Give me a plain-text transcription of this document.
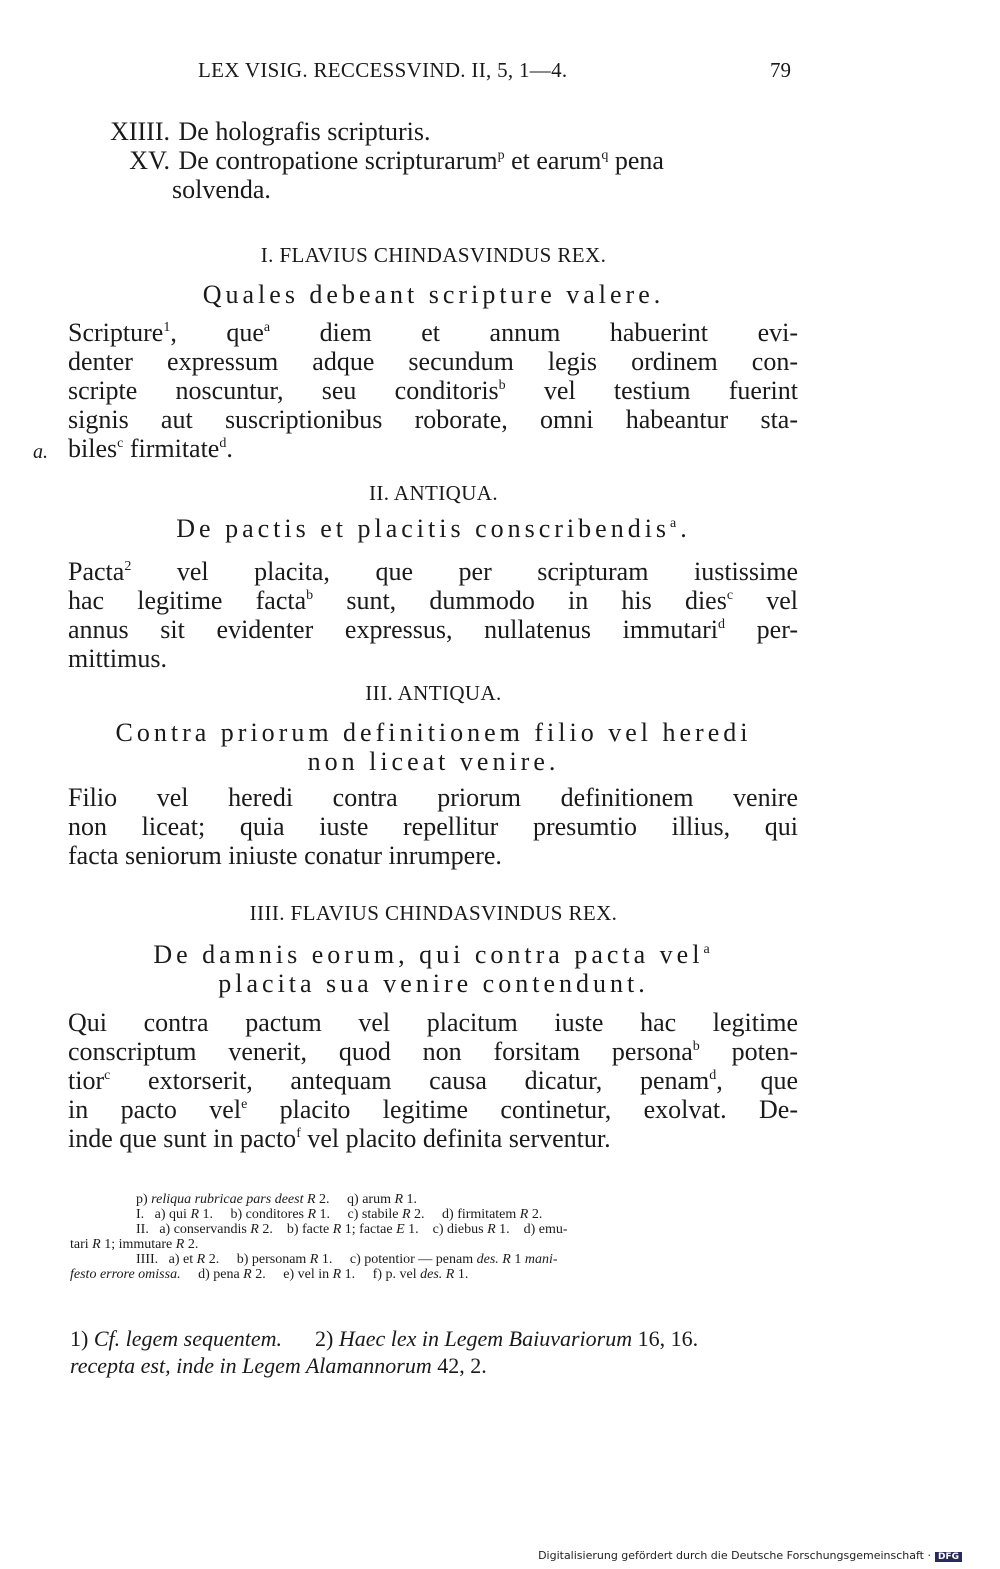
LEX VISIG. RECCESSVIND. II, 5, 1—4.	79
XIIII. De holografis scripturis.
XV. De contropatione scripturarum$^p$ et earum$^q$ pena
solvenda.
I. FLAVIUS CHINDASVINDUS REX.
Quales debeant scripture valere.
Scripture$^1$, que$^a$ diem et annum habuerint evi-
denter expressum adque secundum legis ordinem con-
scripte noscuntur, seu conditoris$^b$ vel testium fuerint
signis aut suscriptionibus roborate, omni habeantur sta-
biles$^c$ firmitate$^d$.
a.
II. ANTIQUA.
De pactis et placitis conscribendis$^a$.
Pacta$^2$ vel placita, que per scripturam iustissime
hac legitime facta$^b$ sunt, dummodo in his dies$^c$ vel
annus sit evidenter expressus, nullatenus immutari$^d$ per-
mittimus.
III. ANTIQUA.
Contra priorum definitionem filio vel heredi
non liceat venire.
Filio vel heredi contra priorum definitionem venire
non liceat; quia iuste repellitur presumtio illius, qui
facta seniorum iniuste conatur inrumpere.
IIII. FLAVIUS CHINDASVINDUS REX.
De damnis eorum, qui contra pacta vel$^a$
placita sua venire contendunt.
Qui contra pactum vel placitum iuste hac legitime
conscriptum venerit, quod non forsitam persona$^b$ poten-
tior$^c$ extorserit, antequam causa dicatur, penam$^d$, que
in pacto vel$^e$ placito legitime continetur, exolvat. De-
inde que sunt in pacto$^f$ vel placito definita serventur.
p) reliqua rubricae pars deest R 2.     q) arum R 1.
I.   a) qui R 1.     b) conditores R 1.     c) stabile R 2.     d) firmitatem R 2.
II.   a) conservandis R 2.    b) facte R 1; factae E 1.    c) diebus R 1.    d) emu-
tari R 1; immutare R 2.
IIII.   a) et R 2.     b) personam R 1.     c) potentior — penam des. R 1 mani-
festo errore omissa.     d) pena R 2.     e) vel in R 1.     f) p. vel des. R 1.
1) Cf. legem sequentem.      2) Haec lex in Legem Baiuvariorum 16, 16.
recepta est, inde in Legem Alamannorum 42, 2.
Digitalisierung gefördert durch die Deutsche Forschungsgemeinschaft · DFG
